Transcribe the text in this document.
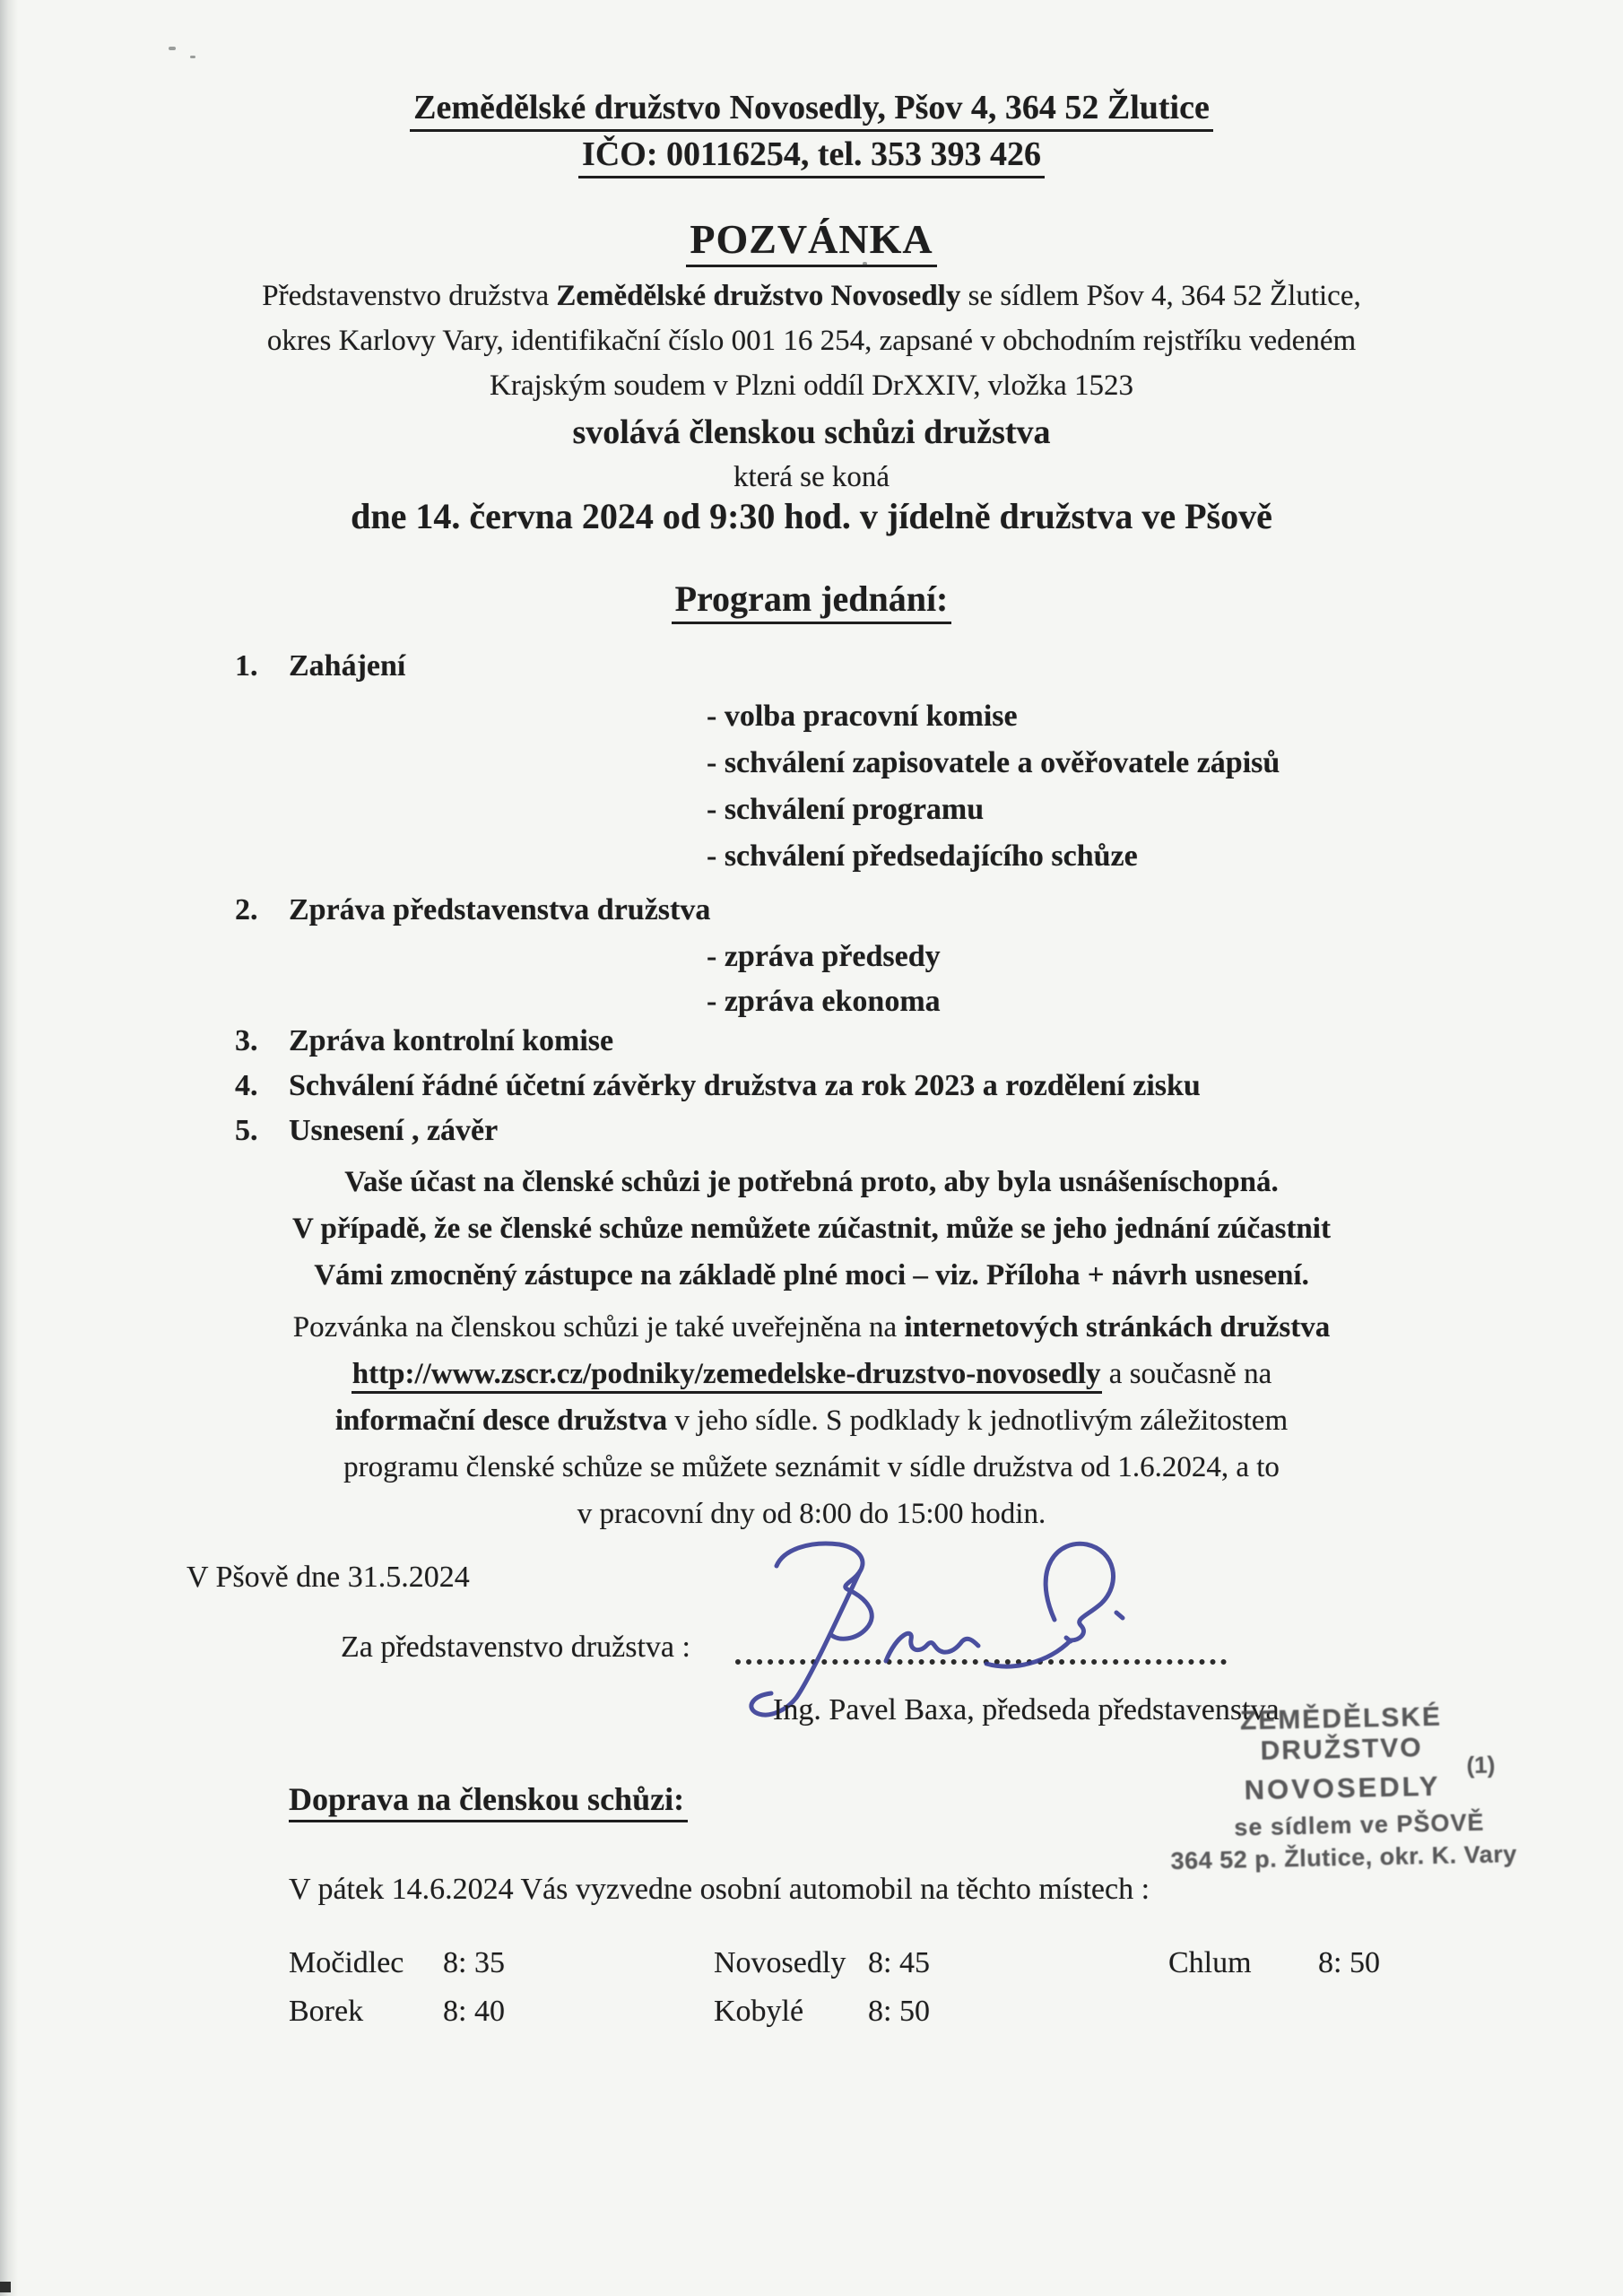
Zemědělské družstvo Novosedly, Pšov 4, 364 52 Žlutice
IČO: 00116254, tel. 353 393 426
POZVÁNKA
Představenstvo družstva Zemědělské družstvo Novosedly se sídlem Pšov 4, 364 52 Žlutice,
okres Karlovy Vary, identifikační číslo 001 16 254, zapsané v obchodním rejstříku vedeném
Krajským soudem v Plzni oddíl DrXXIV, vložka 1523
svolává členskou schůzi družstva
která se koná
dne 14. června 2024 od 9:30 hod. v jídelně družstva ve Pšově
Program jednání:
1. Zahájení
- volba pracovní komise
- schválení zapisovatele a ověřovatele zápisů
- schválení programu
- schválení předsedajícího schůze
2. Zpráva představenstva družstva
- zpráva předsedy
- zpráva ekonoma
3. Zpráva kontrolní komise
4. Schválení řádné účetní závěrky družstva za rok 2023 a rozdělení zisku
5. Usnesení , závěr
Vaše účast na členské schůzi je potřebná proto, aby byla usnášeníschopná.
V případě, že se členské schůze nemůžete zúčastnit, může se jeho jednání zúčastnit
Vámi zmocněný zástupce na základě plné moci – viz. Příloha + návrh usnesení.
Pozvánka na členskou schůzi je také uveřejněna na internetových stránkách družstva
http://www.zscr.cz/podniky/zemedelske-druzstvo-novosedly a současně na
informační desce družstva v jeho sídle. S podklady k jednotlivým záležitostem
programu členské schůze se můžete seznámit v sídle družstva od 1.6.2024, a to
v pracovní dny od 8:00 do 15:00 hodin.
V Pšově dne 31.5.2024
Za představenstvo družstva :
Ing. Pavel Baxa, předseda představenstva
ZEMĚDĚLSKÉ DRUŽSTVO
NOVOSEDLY
(1)
se sídlem ve PŠOVĚ
364 52 p. Žlutice, okr. K. Vary
Doprava na členskou schůzi:
V pátek 14.6.2024 Vás vyzvedne osobní automobil na těchto místech :
Močidlec 8: 35
Borek	8: 40
Novosedly 8: 45
Kobylé 8: 50
Chlum 8: 50
